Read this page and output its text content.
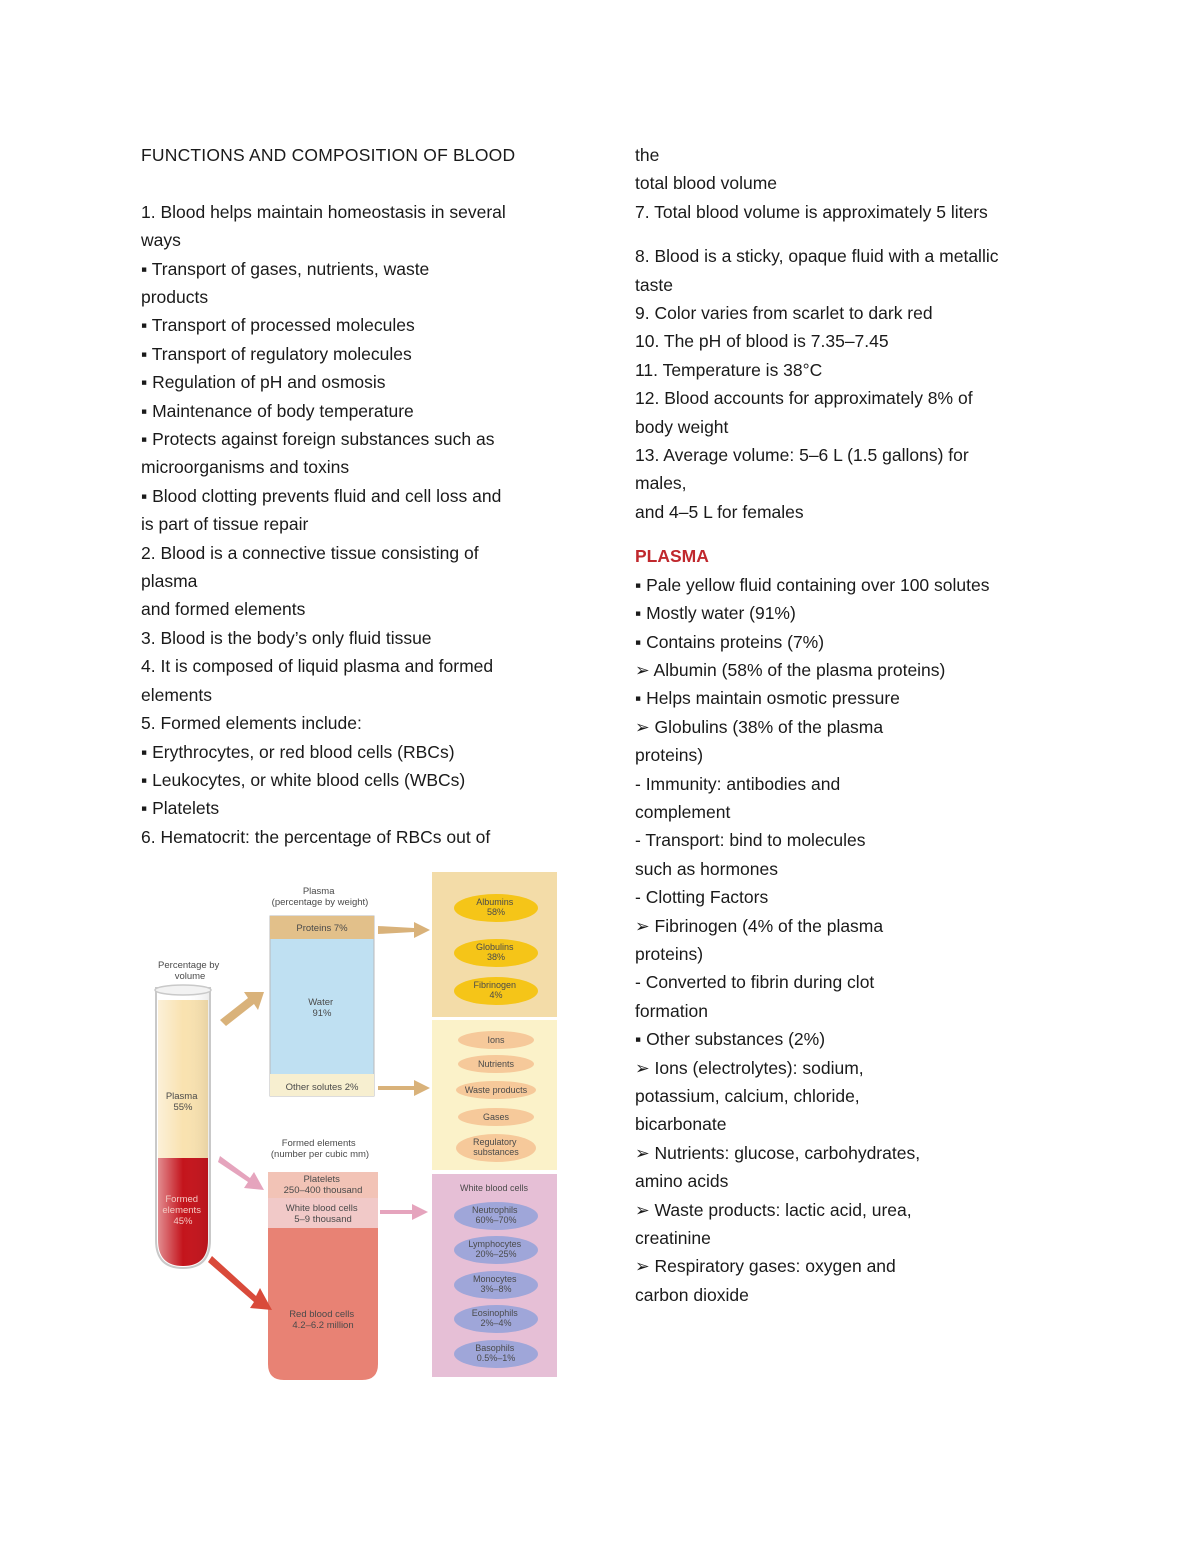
FUNCTIONS AND COMPOSITION OF BLOOD
1. Blood helps maintain homeostasis in several
ways
▪ Transport of gases, nutrients, waste
products
▪ Transport of processed molecules
▪ Transport of regulatory molecules
▪ Regulation of pH and osmosis
▪ Maintenance of body temperature
▪ Protects against foreign substances such as
microorganisms and toxins
▪ Blood clotting prevents fluid and cell loss and
is part of tissue repair
2. Blood is a connective tissue consisting of
plasma
and formed elements
3. Blood is the body’s only fluid tissue
4. It is composed of liquid plasma and formed
elements
5. Formed elements include:
▪ Erythrocytes, or red blood cells (RBCs)
▪ Leukocytes, or white blood cells (WBCs)
▪ Platelets
6. Hematocrit: the percentage of RBCs out of
the
total blood volume
7. Total blood volume is approximately 5 liters
8. Blood is a sticky, opaque fluid with a metallic
taste
9. Color varies from scarlet to dark red
10. The pH of blood is 7.35–7.45
11. Temperature is 38°C
12. Blood accounts for approximately 8% of
body weight
13. Average volume: 5–6 L (1.5 gallons) for
males,
and 4–5 L for females
PLASMA
▪ Pale yellow fluid containing over 100 solutes
▪ Mostly water (91%)
▪ Contains proteins (7%)
➢ Albumin (58% of the plasma proteins)
▪ Helps maintain osmotic pressure
➢ Globulins (38% of the plasma
proteins)
- Immunity: antibodies and
complement
- Transport: bind to molecules
such as hormones
- Clotting Factors
➢ Fibrinogen (4% of the plasma
proteins)
- Converted to fibrin during clot
formation
▪ Other substances (2%)
➢ Ions (electrolytes): sodium,
potassium, calcium, chloride,
bicarbonate
➢ Nutrients: glucose, carbohydrates,
amino acids
➢ Waste products: lactic acid, urea,
creatinine
➢ Respiratory gases: oxygen and
carbon dioxide
Plasma (percentage by weight)
Percentage by volume
Proteins 7%
Water 91%
Other solutes 2%
Plasma 55%
Formed elements 45%
Formed elements (number per cubic mm)
Platelets 250–400 thousand
White blood cells 5–9 thousand
Red blood cells 4.2–6.2 million
Albumins 58%
Globulins 38%
Fibrinogen 4%
Ions
Nutrients
Waste products
Gases
Regulatory substances
White blood cells
Neutrophils 60%–70%
Lymphocytes 20%–25%
Monocytes 3%–8%
Eosinophils 2%–4%
Basophils 0.5%–1%
